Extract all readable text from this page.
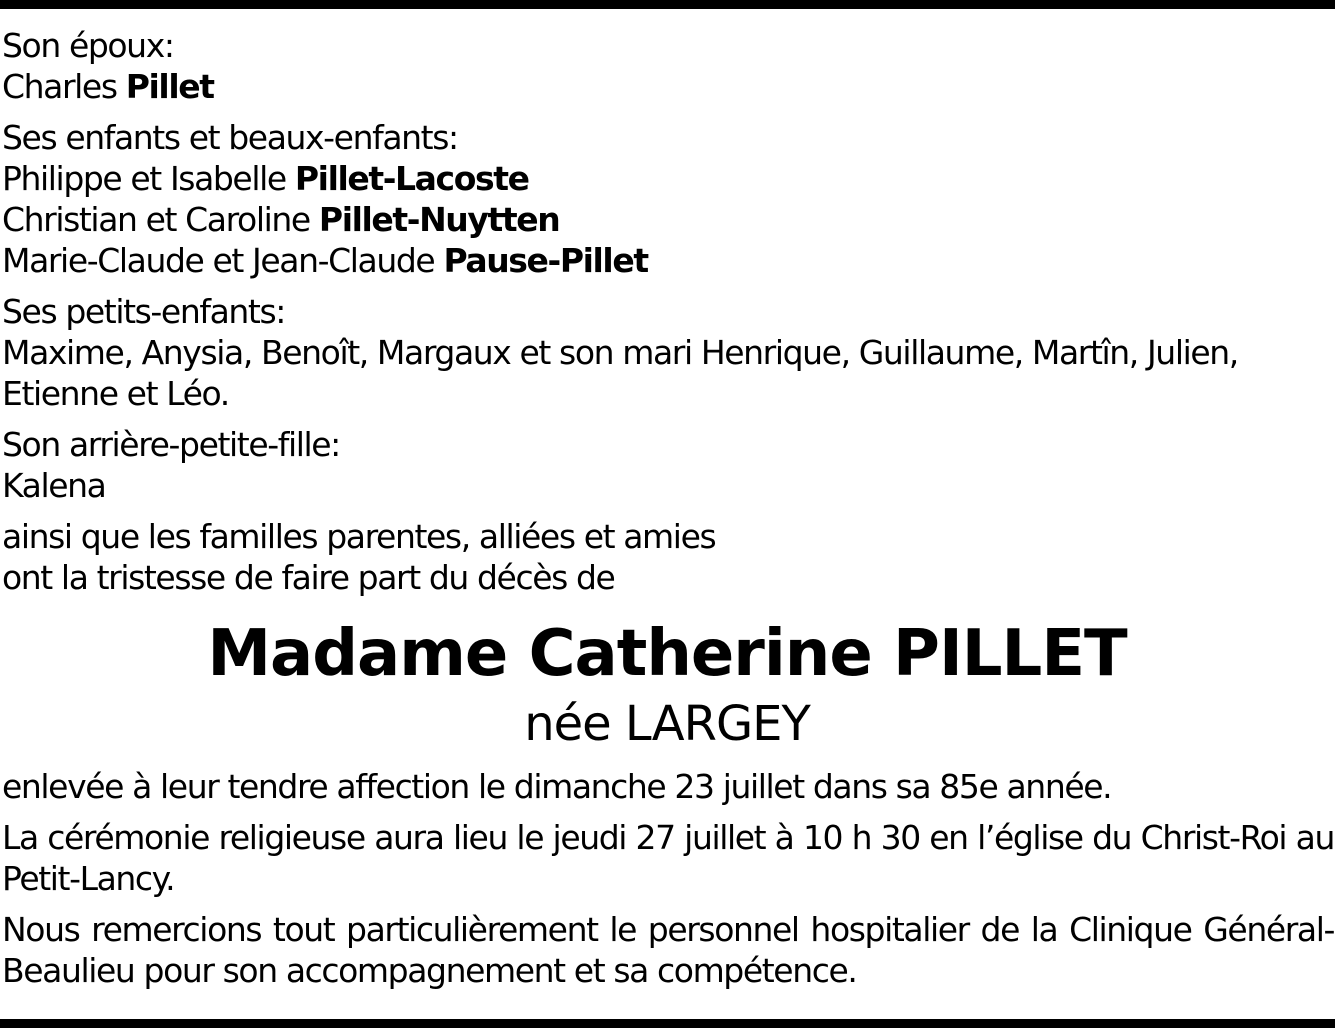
Son époux:
Charles Pillet
Ses enfants et beaux-enfants:
Philippe et Isabelle Pillet-Lacoste
Christian et Caroline Pillet-Nuytten
Marie-Claude et Jean-Claude Pause-Pillet
Ses petits-enfants:
Maxime, Anysia, Benoît, Margaux et son mari Henrique, Guillaume, Martîn, Julien, Etienne et Léo.
Son arrière-petite-fille:
Kalena
ainsi que les familles parentes, alliées et amies
ont la tristesse de faire part du décès de
Madame Catherine PILLET
née LARGEY
enlevée à leur tendre affection le dimanche 23 juillet dans sa 85e année.
La cérémonie religieuse aura lieu le jeudi 27 juillet à 10 h 30 en l’église du Christ-Roi au Petit-Lancy.
Nous remercions tout particulièrement le personnel hospitalier de la Clinique Général-Beaulieu pour son accompagnement et sa compétence.
